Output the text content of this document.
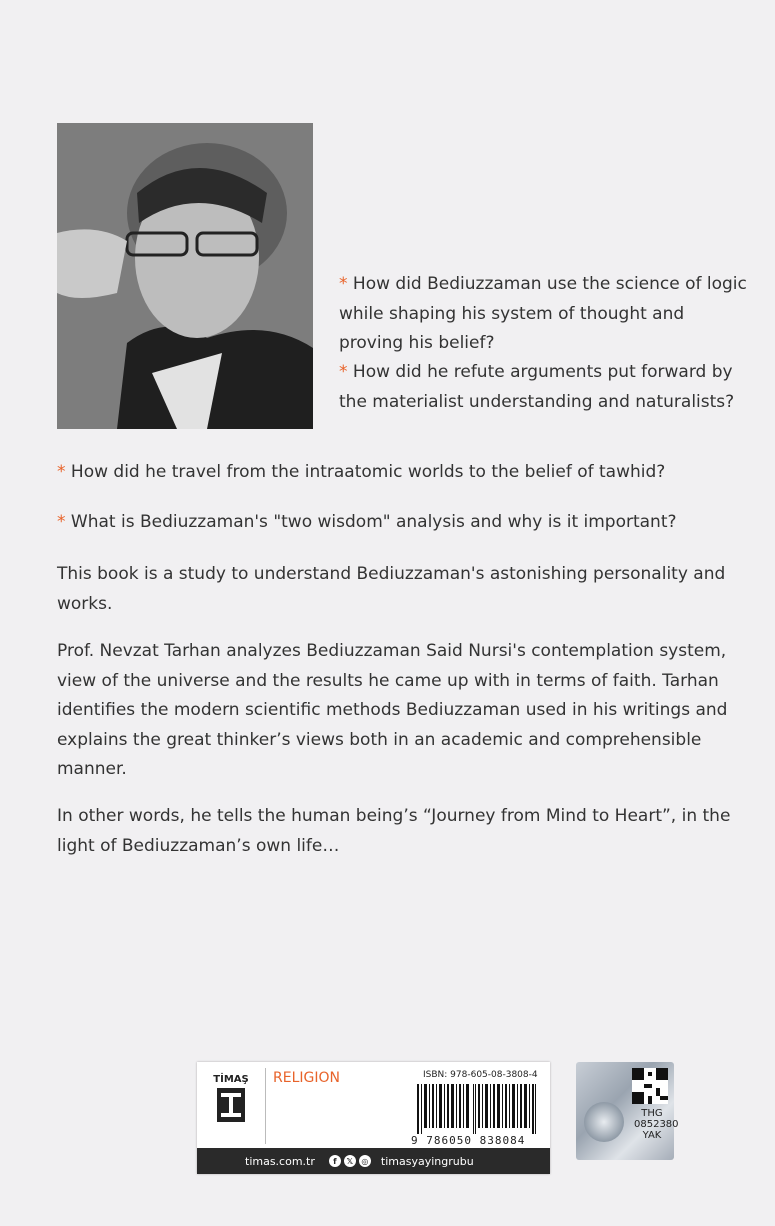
* How did Bediuzzaman use the science of logic while shaping his system of thought and proving his belief?

* How did he refute arguments put forward by the materialist understanding and naturalists?

* How did he travel from the intraatomic worlds to the belief of tawhid?

* What is Bediuzzaman's "two wisdom" analysis and why is it important?

This book is a study to understand Bediuzzaman's astonishing personality and works.

Prof. Nevzat Tarhan analyzes Bediuzzaman Said Nursi's contemplation system, view of the universe and the results he came up with in terms of faith. Tarhan identifies the modern scientific methods Bediuzzaman used in his writings and explains the great thinker’s views both in an academic and comprehensible manner.

In other words, he tells the human being’s “Journey from Mind to Heart”, in the light of Bediuzzaman’s own life…

TİMAŞ RELIGION	ISBN: 978-605-08-3808-4
9 786050 838084
timas.com.tr	f	𝕏	◎ timasyayingrubu
THG
0852380
YAK
